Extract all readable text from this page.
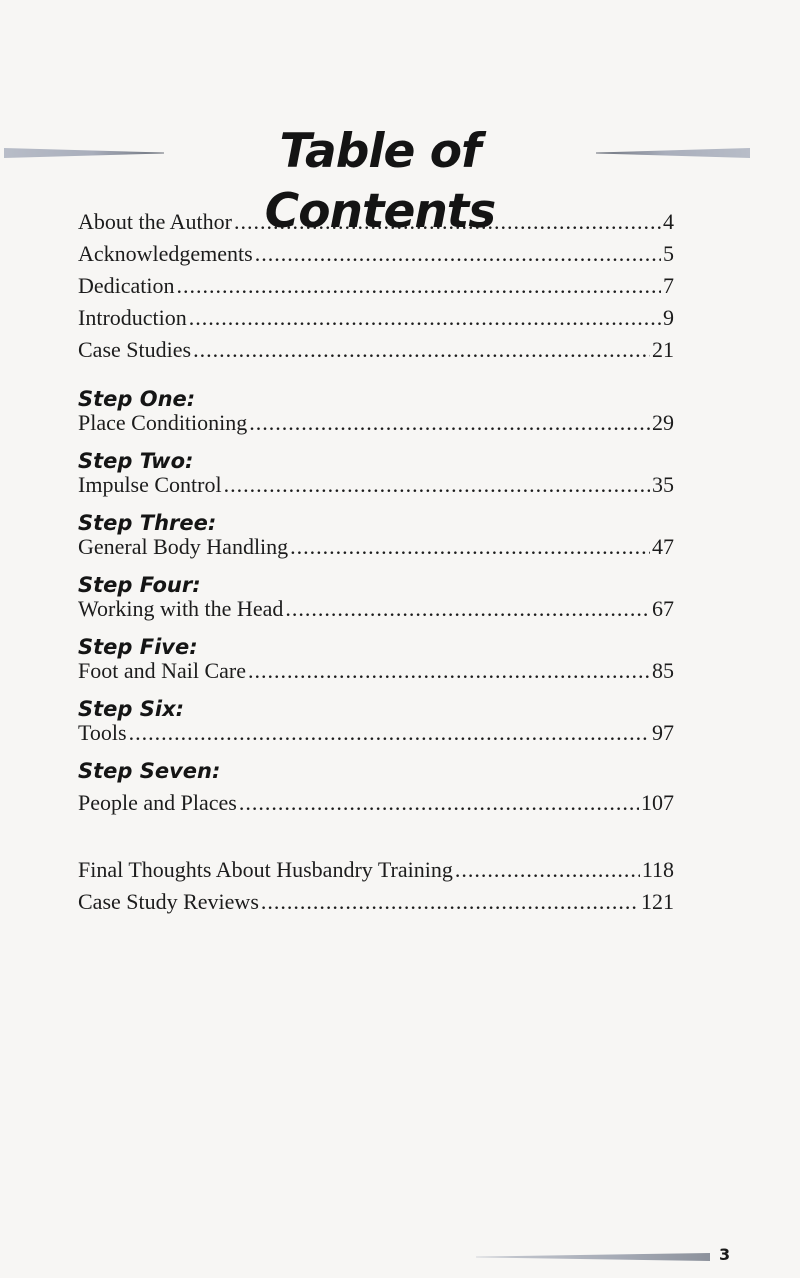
Table of Contents
About the Author .....	4
Acknowledgements .....	5
Dedication .....	7
Introduction .....	9
Case Studies .....	21
Step One:
Place Conditioning .....	29
Step Two:
Impulse Control .....	35
Step Three:
General Body Handling .....	47
Step Four:
Working with the Head .....	67
Step Five:
Foot and Nail Care .....	85
Step Six:
Tools .....	97
Step Seven:
People and Places .....	107
Final Thoughts About Husbandry Training .....	118
Case Study Reviews .....	121
3
